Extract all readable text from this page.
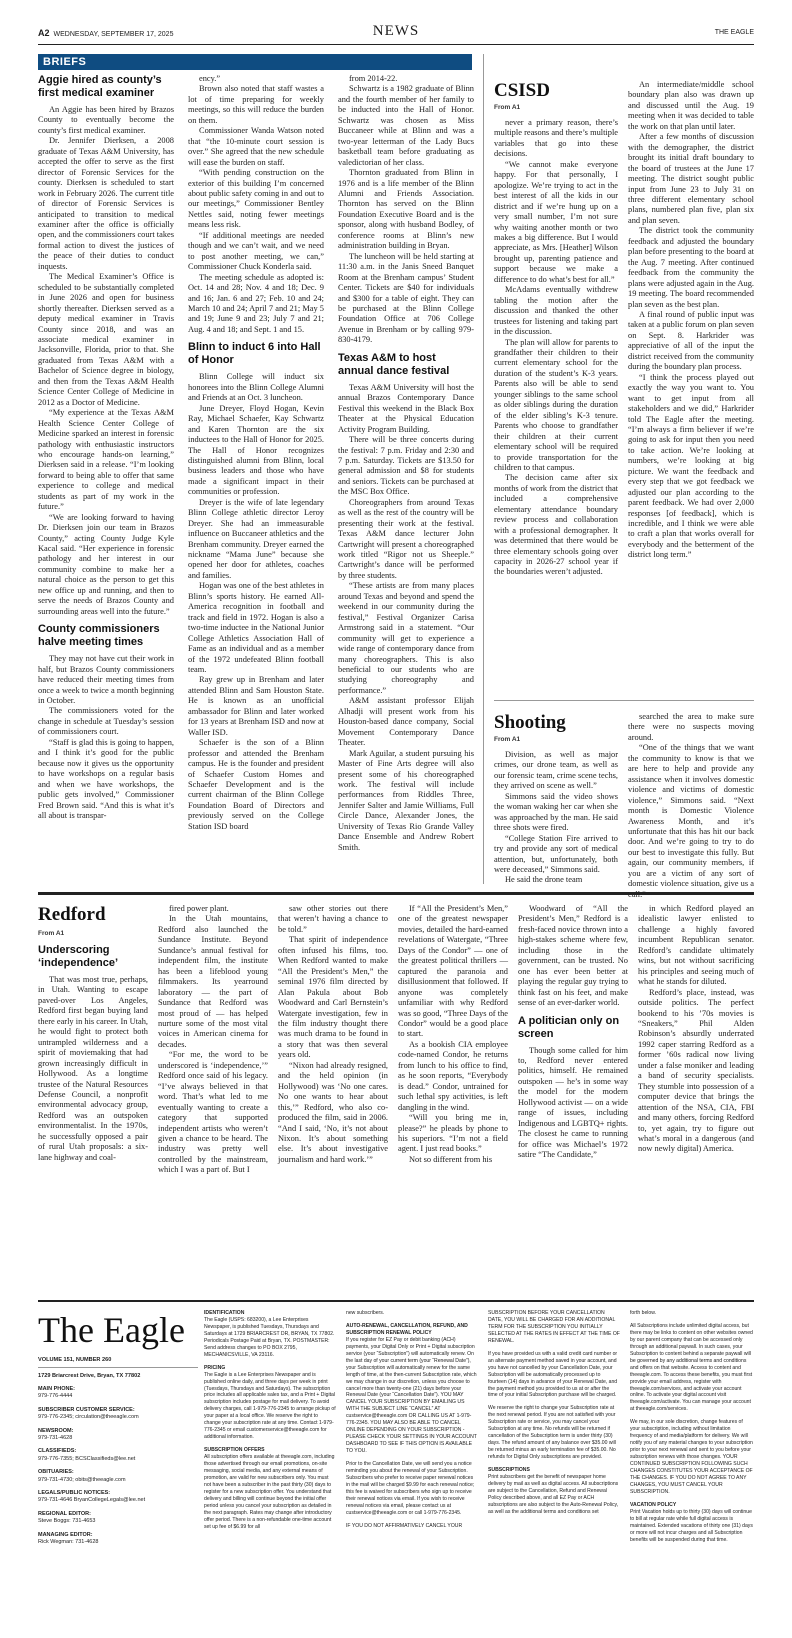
A2 WEDNESDAY, SEPTEMBER 17, 2025	NEWS	THE EAGLE
BRIEFS
Aggie hired as county’s first medical examiner

An Aggie has been hired by Brazos County to eventually become the county’s first medical examiner.

Dr. Jennifer Dierksen, a 2008 graduate of Texas A&M University, has accepted the offer to serve as the first director of Forensic Services for the county. Dierksen is scheduled to start work in February 2026. The current title of director of Forensic Services is anticipated to transition to medical examiner after the office is officially open, and the commissioners court takes formal action to divest the justices of the peace of their duties to conduct inquests.

The Medical Examiner’s Office is scheduled to be substantially completed in June 2026 and open for business shortly thereafter. Dierksen served as a deputy medical examiner in Travis County since 2018, and was an associate medical examiner in Jacksonville, Florida, prior to that. She graduated from Texas A&M with a Bachelor of Science degree in biology, and then from the Texas A&M Health Science Center College of Medicine in 2012 as a Doctor of Medicine.

“My experience at the Texas A&M Health Science Center College of Medicine sparked an interest in forensic pathology with enthusiastic instructors who encourage hands-on learning,” Dierksen said in a release. “I’m looking forward to being able to offer that same experience to college and medical students as part of my work in the future.”

“We are looking forward to having Dr. Dierksen join our team in Brazos County,” acting County Judge Kyle Kacal said. “Her experience in forensic pathology and her interest in our community combine to make her a natural choice as the person to get this new office up and running, and then to serve the needs of Brazos County and surrounding areas well into the future.”

County commissioners halve meeting times

They may not have cut their work in half, but Brazos County commissioners have reduced their meeting times from once a week to twice a month beginning in October.

The commissioners voted for the change in schedule at Tuesday’s session of commissioners court.

“Staff is glad this is going to happen, and I think it’s good for the public because now it gives us the opportunity to have workshops on a regular basis and when we have workshops, the public gets involved,” Commissioner Fred Brown said. “And this is what it’s all about is transpar-

ency.”

Brown also noted that staff wastes a lot of time preparing for weekly meetings, so this will reduce the burden on them.

Commissioner Wanda Watson noted that “the 10-minute court session is over.” She agreed that the new schedule will ease the burden on staff.

“With pending construction on the exterior of this building I’m concerned about public safety coming in and out to our meetings,” Commissioner Bentley Nettles said, noting fewer meetings means less risk.

“If additional meetings are needed though and we can’t wait, and we need to post another meeting, we can,” Commissioner Chuck Konderla said.

The meeting schedule as adopted is: Oct. 14 and 28; Nov. 4 and 18; Dec. 9 and 16; Jan. 6 and 27; Feb. 10 and 24; March 10 and 24; April 7 and 21; May 5 and 19; June 9 and 23; July 7 and 21; Aug. 4 and 18; and Sept. 1 and 15.

Blinn to induct 6 into Hall of Honor

Blinn College will induct six honorees into the Blinn College Alumni and Friends at an Oct. 3 luncheon.

June Dreyer, Floyd Hogan, Kevin Ray, Michael Schaefer, Kay Schwartz and Karen Thornton are the six inductees to the Hall of Honor for 2025. The Hall of Honor recognizes distinguished alumni from Blinn, local business leaders and those who have made a significant impact in their communities or profession.

Dreyer is the wife of late legendary Blinn College athletic director Leroy Dreyer. She had an immeasurable influence on Buccaneer athletics and the Brenham community. Dreyer earned the nickname “Mama June” because she opened her door for athletes, coaches and families.

Hogan was one of the best athletes in Blinn’s sports history. He earned All-America recognition in football and track and field in 1972. Hogan is also a two-time inductee in the National Junior College Athletics Association Hall of Fame as an individual and as a member of the 1972 undefeated Blinn football team.

Ray grew up in Brenham and later attended Blinn and Sam Houston State. He is known as an unofficial ambassador for Blinn and later worked for 13 years at Brenham ISD and now at Waller ISD.

Schaefer is the son of a Blinn professor and attended the Brenham campus. He is the founder and president of Schaefer Custom Homes and Schaefer Development and is the current chairman of the Blinn College Foundation Board of Directors and previously served on the College Station ISD board

from 2014-22.

Schwartz is a 1982 graduate of Blinn and the fourth member of her family to be inducted into the Hall of Honor. Schwartz was chosen as Miss Buccaneer while at Blinn and was a two-year letterman of the Lady Bucs basketball team before graduating as valedictorian of her class.

Thornton graduated from Blinn in 1976 and is a life member of the Blinn Alumni and Friends Association. Thornton has served on the Blinn Foundation Executive Board and is the sponsor, along with husband Bodley, of conference rooms at Blinn’s new administration building in Bryan.

The luncheon will be held starting at 11:30 a.m. in the Janis Sneed Banquet Room at the Brenham campus’ Student Center. Tickets are $40 for individuals and $300 for a table of eight. They can be purchased at the Blinn College Foundation Office at 706 College Avenue in Brenham or by calling 979-830-4179.

Texas A&M to host annual dance festival

Texas A&M University will host the annual Brazos Contemporary Dance Festival this weekend in the Black Box Theater at the Physical Education Activity Program Building.

There will be three concerts during the festival: 7 p.m. Friday and 2:30 and 7 p.m. Saturday. Tickets are $13.50 for general admission and $8 for students and seniors. Tickets can be purchased at the MSC Box Office.

Choreographers from around Texas as well as the rest of the country will be presenting their work at the festival. Texas A&M dance lecturer John Cartwright will present a choreographed work titled “Rigor not us Sheeple.” Cartwright’s dance will be performed by three students.

“These artists are from many places around Texas and beyond and spend the weekend in our community during the festival,” Festival Organizer Carisa Armstrong said in a statement. “Our community will get to experience a wide range of contemporary dance from many choreographers. This is also beneficial to our students who are studying choreography and performance.”

A&M assistant professor Elijah Alhadji will present work from his Houston-based dance company, Social Movement Contemporary Dance Theater.

Mark Aguilar, a student pursuing his Master of Fine Arts degree will also present some of his choreographed work. The festival will include performances from Riddles Three, Jennifer Salter and Jamie Williams, Full Circle Dance, Alexander Jones, the University of Texas Rio Grande Valley Dance Ensemble and Andrew Robert Smith.

CSISD
From A1

never a primary reason, there’s multiple reasons and there’s multiple variables that go into these decisions.

“We cannot make everyone happy. For that personally, I apologize. We’re trying to act in the best interest of all the kids in our district and if we’re hung up on a very small number, I’m not sure why waiting another month or two makes a big difference. But I would appreciate, as Mrs. [Heather] Wilson brought up, parenting patience and support because we make a difference to do what’s best for all.”

McAdams eventually withdrew tabling the motion after the discussion and thanked the other trustees for listening and taking part in the discussion.

The plan will allow for parents to grandfather their children to their current elementary school for the duration of the student’s K-3 years. Parents also will be able to send younger siblings to the same school as older siblings during the duration of the elder sibling’s K-3 tenure. Parents who choose to grandfather their children at their current elementary school will be required to provide transportation for the children to that campus.

The decision came after six months of work from the district that included a comprehensive elementary attendance boundary review process and collaboration with a professional demographer. It was determined that there would be three elementary schools going over capacity in 2026-27 school year if the boundaries weren’t adjusted.

An intermediate/middle school boundary plan also was drawn up and discussed until the Aug. 19 meeting when it was decided to table the work on that plan until later.

After a few months of discussion with the demographer, the district brought its initial draft boundary to the board of trustees at the June 17 meeting. The district sought public input from June 23 to July 31 on three different elementary school plans, numbered plan five, plan six and plan seven.

The district took the community feedback and adjusted the boundary plan before presenting to the board at the Aug. 7 meeting. After continued feedback from the community the plans were adjusted again in the Aug. 19 meeting. The board recommended plan seven as the best plan.

A final round of public input was taken at a public forum on plan seven on Sept. 8. Harkrider was appreciative of all of the input the district received from the community during the boundary plan process.

“I think the process played out exactly the way you want to. You want to get input from all stakeholders and we did,” Harkrider told The Eagle after the meeting. “I’m always a firm believer if we’re going to ask for input then you need to take action. We’re looking at numbers, we’re looking at big picture. We want the feedback and every step that we got feedback we adjusted our plan according to the parent feedback. We had over 2,000 responses [of feedback], which is incredible, and I think we were able to craft a plan that works overall for everybody and the betterment of the district long term.”

Shooting
From A1

Division, as well as major crimes, our drone team, as well as our forensic team, crime scene techs, they arrived on scene as well.”

Simmons said the video shows the woman waking her car when she was approached by the man. He said three shots were fired.

“College Station Fire arrived to try and provide any sort of medical attention, but, unfortunately, both were deceased,” Simmons said.

He said the drone team

searched the area to make sure there were no suspects moving around.

“One of the things that we want the community to know is that we are here to help and provide any assistance when it involves domestic violence and victims of domestic violence,” Simmons said. “Next month is Domestic Violence Awareness Month, and it’s unfortunate that this has hit our back door. And we’re going to try to do our best to investigate this fully. But again, our community members, if you are a victim of any sort of domestic violence situation, give us a

Redford
From A1
Underscoring ‘independence’

That was most true, perhaps, in Utah. Wanting to escape paved-over Los Angeles, Redford first began buying land there early in his career. In Utah, he would fight to protect both untrampled wilderness and a spirit of moviemaking that had grown increasingly difficult in Hollywood. As a longtime trustee of the Natural Resources Defense Council, a nonprofit environmental advocacy group, Redford was an outspoken environmentalist. In the 1970s, he successfully opposed a pair of rural Utah proposals: a six-lane highway and coal-

fired power plant.

In the Utah mountains, Redford also launched the Sundance Institute. Beyond Sundance’s annual festival for independent film, the institute has been a lifeblood young filmmakers. Its yearround laboratory — the part of Sundance that Redford was most proud of — has helped nurture some of the most vital voices in American cinema for decades.

“For me, the word to be underscored is ‘independence,’” Redford once said of his legacy. “I’ve always believed in that word. That’s what led to me eventually wanting to create a category that supported independent artists who weren’t given a chance to be heard. The industry was pretty well controlled by the mainstream, which I was a part of. But I

saw other stories out there that weren’t having a chance to be told.”

That spirit of independence often infused his films, too. When Redford wanted to make “All the President’s Men,” the seminal 1976 film directed by Alan Pakula about Bob Woodward and Carl Bernstein’s Watergate investigation, few in the film industry thought there was much drama to be found in a story that was then several years old.

“Nixon had already resigned, and the held opinion (in Hollywood) was ‘No one cares. No one wants to hear about this,’” Redford, who also co-produced the film, said in 2006. “And I said, ‘No, it’s not about Nixon. It’s about something else. It’s about investigative journalism and hard work.’”

If “All the President’s Men,” one of the greatest newspaper movies, detailed the hard-earned revelations of Watergate, “Three Days of the Condor” — one of the greatest political thrillers — captured the paranoia and disillusionment that followed. If anyone was completely unfamiliar with why Redford was so good, “Three Days of the Condor” would be a good place to start.

As a bookish CIA employee code-named Condor, he returns from lunch to his office to find, as he soon reports, “Everybody is dead.” Condor, untrained for such lethal spy activities, is left dangling in the wind.

“Will you bring me in, please?” he pleads by phone to his superiors. “I’m not a field agent. I just read books.”

Not so different from his

Woodward of “All the President’s Men,” Redford is a fresh-faced novice thrown into a high-stakes scheme where few, including those in the government, can be trusted. No one has ever been better at playing the regular guy trying to think fast on his feet, and make sense of an ever-darker world.

A politician only on screen

Though some called for him to, Redford never entered politics, himself. He remained outspoken — he’s in some way the model for the modern Hollywood activist — on a wide range of issues, including Indigenous and LGBTQ+ rights. The closest he came to running for office was Michael’s 1972 satire “The Candidate,”

in which Redford played an idealistic lawyer enlisted to challenge a highly favored incumbent Republican senator. Redford’s candidate ultimately wins, but not without sacrificing his principles and seeing much of what he stands for diluted.

Redford’s place, instead, was outside politics. The perfect bookend to his ’70s movies is “Sneakers,” Phil Alden Robinson’s absurdly underrated 1992 caper starring Redford as a former ’60s radical now living under a false moniker and leading a band of security specialists. They stumble into possession of a computer device that brings the attention of the NSA, CIA, FBI and many others, forcing Redford to, yet again, try to figure out what’s moral in a dangerous (and now newly digital) America.

The Eagle
VOLUME 151, NUMBER 260
1729 Briarcrest Drive, Bryan, TX 77802
MAIN PHONE:
979-776-4444
SUBSCRIBER CUSTOMER SERVICE:
979-776-2345; circulation@theeagle.com
NEWSROOM:
979-731-4628
CLASSIFIEDS:
979-776-7355; BCSClassifieds@lee.net
OBITUARIES:
979-731-4730; obits@theeagle.com
LEGALS/PUBLIC NOTICES:
979-731-4646 BryanCollegeLegals@lee.net
REGIONAL EDITOR:
Steve Boggs: 731-4653
MANAGING EDITOR:
Rick Wegman: 731-4628

IDENTIFICATION
The Eagle (USPS: 683200), a Lee Enterprises Newspaper, is published Tuesdays, Thursdays and Saturdays at 1729 BRIARCREST DR, BRYAN, TX 77802. Periodicals Postage Paid at Bryan, TX. POSTMASTER: Send address changes to PO BOX 2795, MECHANICSVILLE, VA 23116.

PRICING
The Eagle is a Lee Enterprises Newspaper and is published online daily, and three days per week in print (Tuesdays, Thursdays and Saturdays). The subscription price includes all applicable sales tax, and a Print + Digital subscription includes postage for mail delivery. To avoid delivery charges, call 1-979-776-2345 to arrange pickup of your paper at a local office. We reserve the right to change your subscription rate at any time. Contact 1-979-776-2345 or email customerservice@theeagle.com for additional information.

SUBSCRIPTION OFFERS
All subscription offers available at theeagle.com, including those advertised through our email promotions, on-site messaging, social media, and any external means of promotion, are valid for new subscribers only. You must not have been a subscriber in the past thirty (30) days to register for a new subscription offer. You understand that delivery and billing will continue beyond the initial offer period unless you cancel your subscription as detailed in the next paragraph. Rates may change after introductory offer period. There is a non-refundable one-time account set up fee of $6.99 for all

new subscribers.

AUTO-RENEWAL, CANCELLATION, REFUND, AND SUBSCRIPTION RENEWAL POLICY
If you register for EZ Pay or debit banking (ACH) payments, your Digital Only or Print + Digital subscription service (your “Subscription”) will automatically renew. On the last day of your current term (your “Renewal Date”), your Subscription will automatically renew for the same length of time, at the then-current Subscription rate, which we may change in our discretion, unless you choose to cancel more than twenty-one (21) days before your Renewal Date (your “Cancellation Date”). YOU MAY CANCEL YOUR SUBSCRIPTION BY EMAILING US WITH THE SUBJECT LINE “CANCEL” AT custservice@theeagle.com OR CALLING US AT 1-979-776-2345. YOU MAY ALSO BE ABLE TO CANCEL ONLINE DEPENDING ON YOUR SUBSCRIPTION - PLEASE CHECK YOUR SETTINGS IN YOUR ACCOUNT DASHBOARD TO SEE IF THIS OPTION IS AVAILABLE TO YOU.

Prior to the Cancellation Date, we will send you a notice reminding you about the renewal of your Subscription. Subscribers who prefer to receive paper renewal notices in the mail will be charged $9.99 for each renewal notice; this fee is waived for subscribers who sign up to receive their renewal notices via email. If you wish to receive renewal notices via email, please contact us at custservice@theeagle.com or call 1-979-776-2345.

IF YOU DO NOT AFFIRMATIVELY CANCEL YOUR

SUBSCRIPTION BEFORE YOUR CANCELLATION DATE, YOU WILL BE CHARGED FOR AN ADDITIONAL TERM FOR THE SUBSCRIPTION YOU INITIALLY SELECTED AT THE RATES IN EFFECT AT THE TIME OF RENEWAL.

If you have provided us with a valid credit card number or an alternate payment method saved in your account, and you have not cancelled by your Cancellation Date, your Subscription will be automatically processed up to fourteen (14) days in advance of your Renewal Date, and the payment method you provided to us at or after the time of your initial Subscription purchase will be charged.

We reserve the right to change your Subscription rate at the next renewal period. If you are not satisfied with your Subscription rate or service, you may cancel your Subscription at any time. No refunds will be returned if cancellation of the Subscription term is under thirty (30) days. The refund amount of any balance over $35.00 will be returned minus an early termination fee of $35.00. No refunds for Digital Only subscriptions are provided.

SUBSCRIPTIONS
Print subscribers get the benefit of newspaper home delivery by mail as well as digital access. All subscriptions are subject to the Cancellation, Refund and Renewal Policy described above, and all EZ Pay or ACH subscriptions are also subject to the Auto-Renewal Policy, as well as the additional terms and conditions set

forth below.

All Subscriptions include unlimited digital access, but there may be links to content on other websites owned by our parent company that can be accessed only through an additional paywall. In such cases, your Subscription to content behind a separate paywall will be governed by any additional terms and conditions and offers on that website. Access to content and theeagle.com. To access these benefits, you must first provide your email address, register with theeagle.com/services, and activate your account online. To activate your digital account visit theeagle.com/activate. You can manage your account at theeagle.com/services.

We may, in our sole discretion, change features of your subscription, including without limitation frequency of and media/platform for delivery. We will notify you of any material changes to your subscription prior to your next renewal and sent to you before your subscription renews with those changes. YOUR CONTINUED SUBSCRIPTION FOLLOWING SUCH CHANGES CONSTITUTES YOUR ACCEPTANCE OF THE CHANGES. IF YOU DO NOT AGREE TO ANY CHANGES, YOU MUST CANCEL YOUR SUBSCRIPTION.

VACATION POLICY
Print Vacation holds up to thirty (30) days will continue to bill at regular rate while full digital access is maintained. Extended vacations of thirty one (31) days or more will not incur charges and all Subscription benefits will be suspended during that time.
